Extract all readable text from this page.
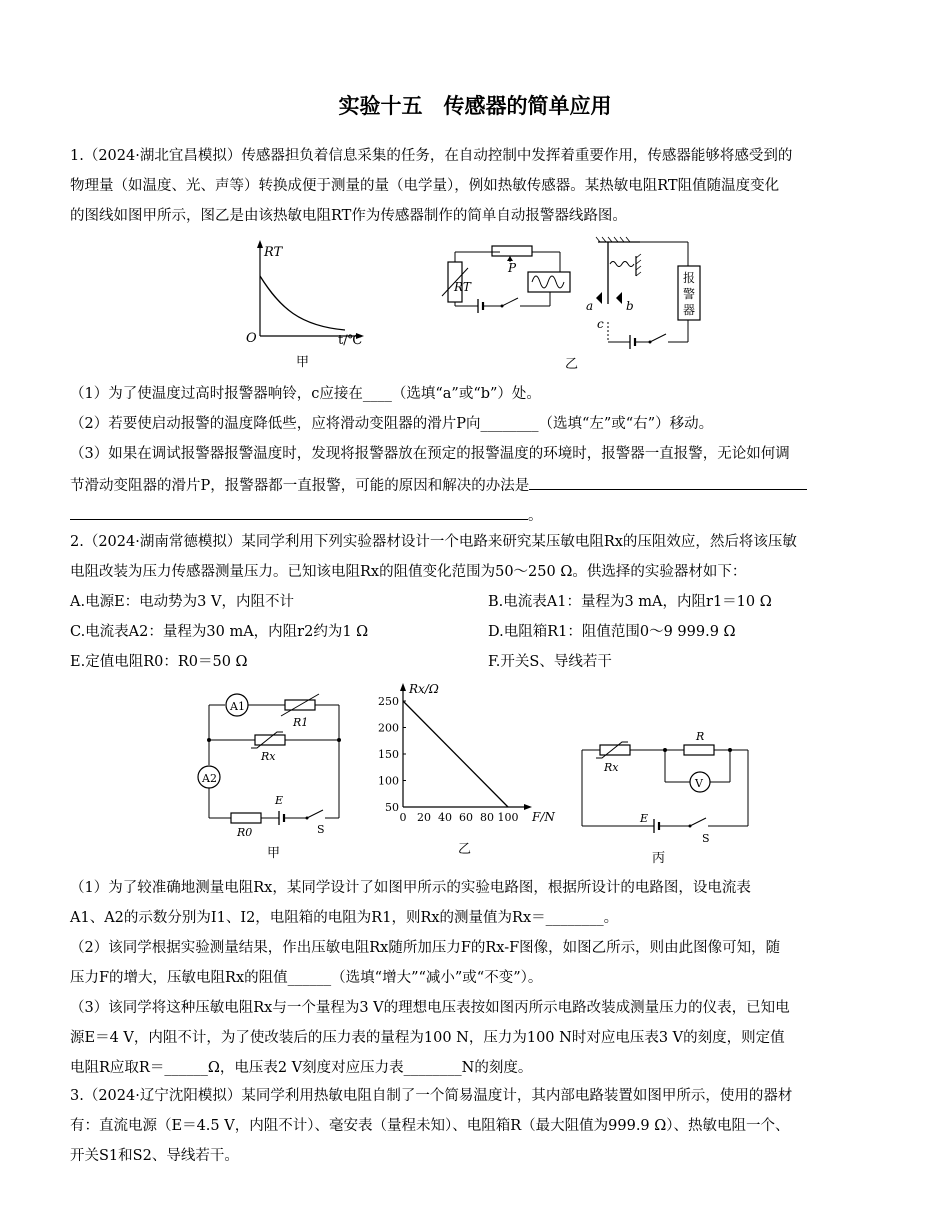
实验十五　传感器的简单应用
1.（2024·湖北宜昌模拟）传感器担负着信息采集的任务，在自动控制中发挥着重要作用，传感器能够将感受到的
物理量（如温度、光、声等）转换成便于测量的量（电学量），例如热敏传感器。某热敏电阻RT阻值随温度变化
的图线如图甲所示，图乙是由该热敏电阻RT作为传感器制作的简单自动报警器线路图。
RT
O	t/℃
甲
RT
P
a	b
c
报
警
器
乙
（1）为了使温度过高时报警器响铃，c应接在____（选填“a”或“b”）处。
（2）若要使启动报警的温度降低些，应将滑动变阻器的滑片P向________（选填“左”或“右”）移动。
（3）如果在调试报警器报警温度时，发现将报警器放在预定的报警温度的环境时，报警器一直报警，无论如何调
节滑动变阻器的滑片P，报警器都一直报警，可能的原因和解决的办法是
。
2.（2024·湖南常德模拟）某同学利用下列实验器材设计一个电路来研究某压敏电阻Rx的压阻效应，然后将该压敏
电阻改装为压力传感器测量压力。已知该电阻Rx的阻值变化范围为50～250 Ω。供选择的实验器材如下：
A.电源E：电动势为3 V，内阻不计	B.电流表A1：量程为3 mA，内阻r1＝10 Ω
C.电流表A2：量程为30 mA，内阻r2约为1 Ω	D.电阻箱R1：阻值范围0～9 999.9 Ω
E.定值电阻R0：R0＝50 Ω	F.开关S、导线若干
A1
R1
Rx
A2
R0
E
S
甲
50
100
150
200
250
0 20 40 60 80 100
Rx/Ω
F/N
乙
Rx
R
V
E
S
丙
（1）为了较准确地测量电阻Rx，某同学设计了如图甲所示的实验电路图，根据所设计的电路图，设电流表
A1、A2的示数分别为I1、I2，电阻箱的电阻为R1，则Rx的测量值为Rx＝________。
（2）该同学根据实验测量结果，作出压敏电阻Rx随所加压力F的Rx-F图像，如图乙所示，则由此图像可知，随
压力F的增大，压敏电阻Rx的阻值______（选填“增大”“减小”或“不变”）。
（3）该同学将这种压敏电阻Rx与一个量程为3 V的理想电压表按如图丙所示电路改装成测量压力的仪表，已知电
源E＝4 V，内阻不计，为了使改装后的压力表的量程为100 N，压力为100 N时对应电压表3 V的刻度，则定值
电阻R应取R＝______Ω，电压表2 V刻度对应压力表________N的刻度。
3.（2024·辽宁沈阳模拟）某同学利用热敏电阻自制了一个简易温度计，其内部电路装置如图甲所示，使用的器材
有：直流电源（E＝4.5 V，内阻不计）、毫安表（量程未知）、电阻箱R（最大阻值为999.9 Ω）、热敏电阻一个、
开关S1和S2、导线若干。
